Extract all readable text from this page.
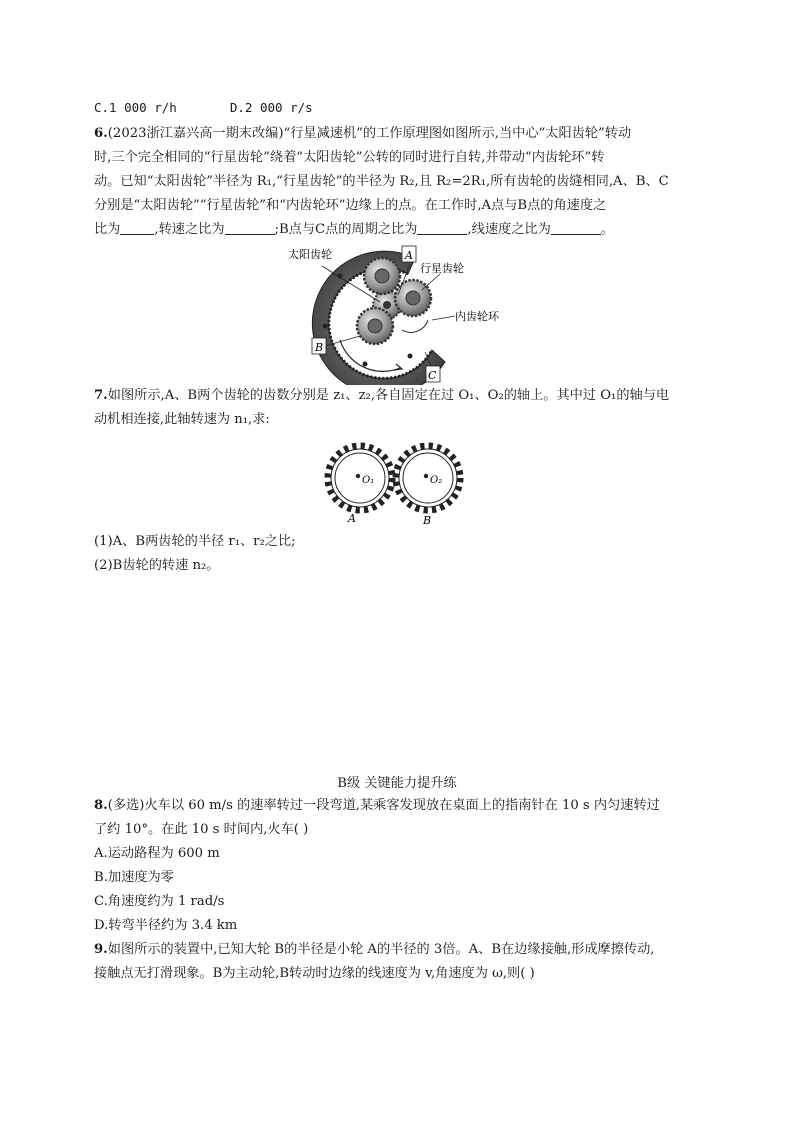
C.1 000 r/h	D.2 000 r/s
6.(2023浙江嘉兴高一期末改编)“行星减速机”的工作原理图如图所示,当中心“太阳齿轮”转动
时,三个完全相同的“行星齿轮”绕着“太阳齿轮”公转的同时进行自转,并带动“内齿轮环”转
动。已知“太阳齿轮”半径为 R₁,“行星齿轮”的半径为 R₂,且 R₂=2R₁,所有齿轮的齿缝相同,A、B、C
分别是“太阳齿轮”“行星齿轮”和“内齿轮环”边缘上的点。在工作时,A点与B点的角速度之
比为	,转速之比为	;B点与C点的周期之比为	,线速度之比为	。
太阳齿轮	A
行星齿轮
内齿轮环
B
C
7.如图所示,A、B两个齿轮的齿数分别是 z₁、z₂,各自固定在过 O₁、O₂的轴上。其中过 O₁的轴与电
动机相连接,此轴转速为 n₁,求:
O₁	O₂
A	B
(1)A、B两齿轮的半径 r₁、r₂之比;
(2)B齿轮的转速 n₂。
B级 关键能力提升练
8.(多选)火车以 60 m/s 的速率转过一段弯道,某乘客发现放在桌面上的指南针在 10 s 内匀速转过
了约 10°。在此 10 s 时间内,火车( )
A.运动路程为 600 m
B.加速度为零
C.角速度约为 1 rad/s
D.转弯半径约为 3.4 km
9.如图所示的装置中,已知大轮 B的半径是小轮 A的半径的 3倍。A、B在边缘接触,形成摩擦传动,
接触点无打滑现象。B为主动轮,B转动时边缘的线速度为 v,角速度为 ω,则( )
